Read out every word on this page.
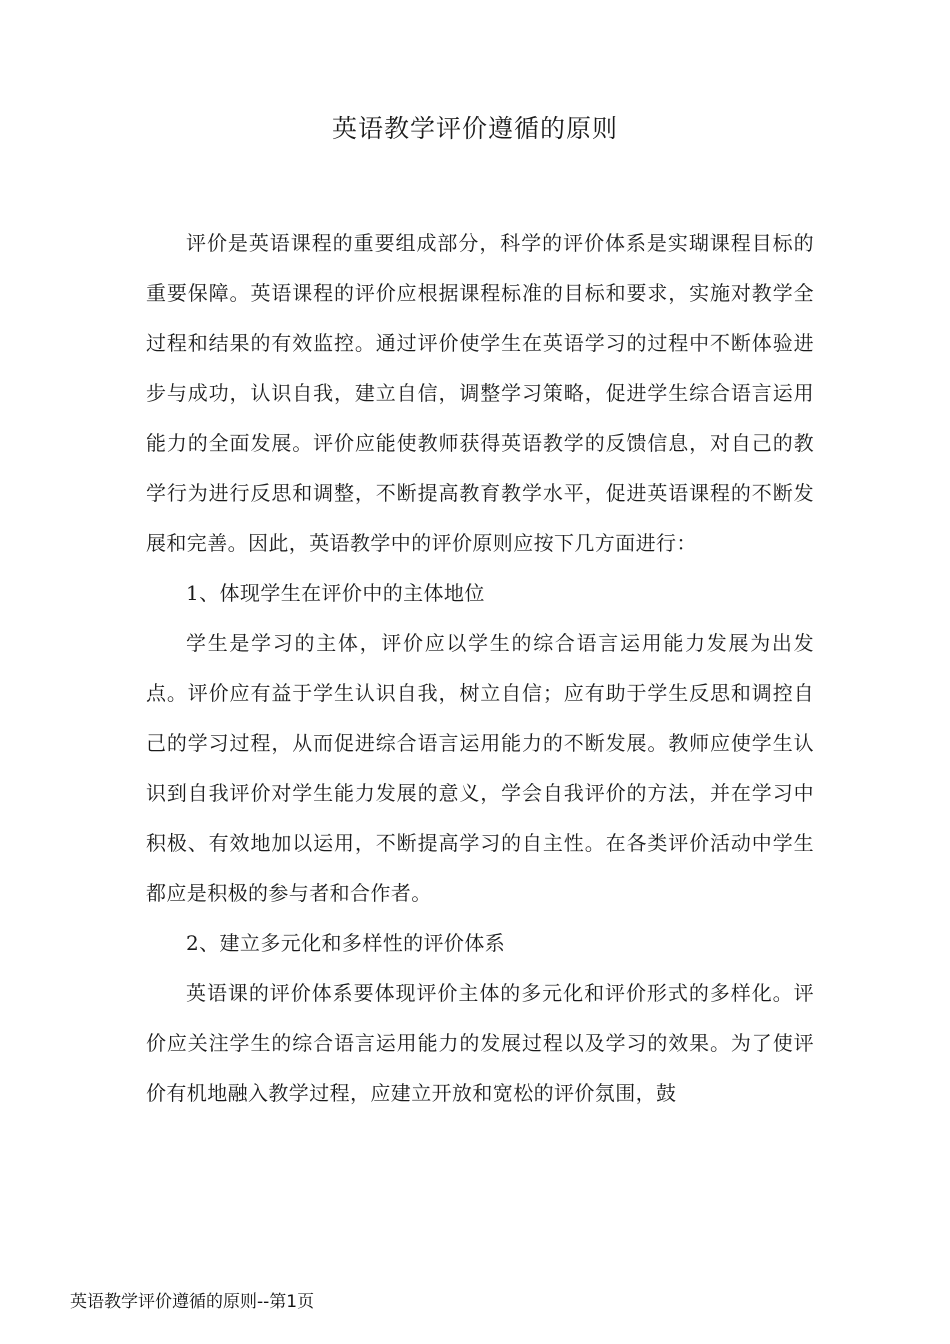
英语教学评价遵循的原则

评价是英语课程的重要组成部分，科学的评价体系是实瑚课程目标的重要保障。英语课程的评价应根据课程标准的目标和要求，实施对教学全过程和结果的有效监控。通过评价使学生在英语学习的过程中不断体验进步与成功，认识自我，建立自信，调整学习策略，促进学生综合语言运用能力的全面发展。评价应能使教师获得英语教学的反馈信息，对自己的教学行为进行反思和调整，不断提高教育教学水平，促进英语课程的不断发展和完善。因此，英语教学中的评价原则应按下几方面进行：

1、体现学生在评价中的主体地位

学生是学习的主体，评价应以学生的综合语言运用能力发展为出发点。评价应有益于学生认识自我，树立自信；应有助于学生反思和调控自己的学习过程，从而促进综合语言运用能力的不断发展。教师应使学生认识到自我评价对学生能力发展的意义，学会自我评价的方法，并在学习中积极、有效地加以运用，不断提高学习的自主性。在各类评价活动中学生都应是积极的参与者和合作者。

2、建立多元化和多样性的评价体系

英语课的评价体系要体现评价主体的多元化和评价形式的多样化。评价应关注学生的综合语言运用能力的发展过程以及学习的效果。为了使评价有机地融入教学过程，应建立开放和宽松的评价氛围，鼓

英语教学评价遵循的原则--第1页
